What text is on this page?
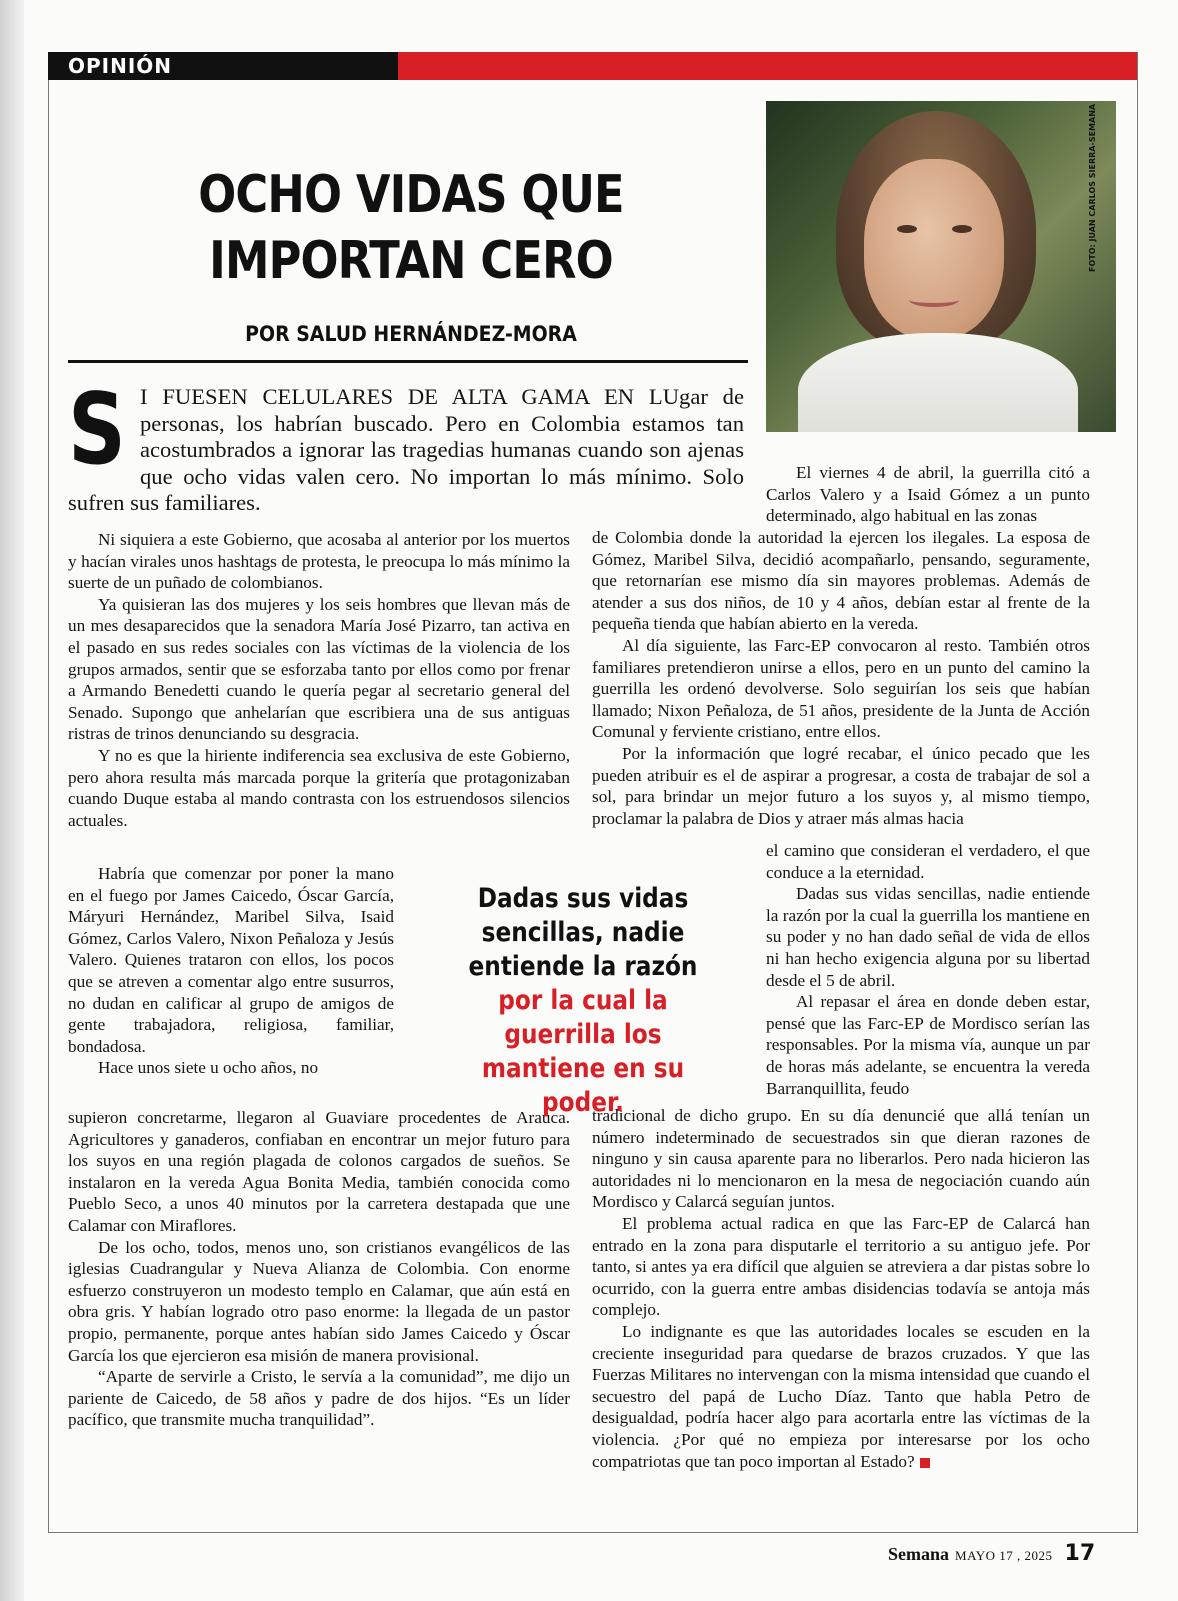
OPINIÓN
OCHO VIDAS QUE IMPORTAN CERO
POR SALUD HERNÁNDEZ-MORA
FOTO: JUAN CARLOS SIERRA-SEMANA
S I FUESEN CELULARES DE ALTA GAMA EN LUgar de personas, los habrían buscado. Pero en Colombia estamos tan acostumbrados a ignorar las tragedias humanas cuando son ajenas que ocho vidas valen cero. No importan lo más mínimo. Solo sufren sus familiares.

Ni siquiera a este Gobierno, que acosaba al anterior por los muertos y hacían virales unos hashtags de protesta, le preocupa lo más mínimo la suerte de un puñado de colombianos.

Ya quisieran las dos mujeres y los seis hombres que llevan más de un mes desaparecidos que la senadora María José Pizarro, tan activa en el pasado en sus redes sociales con las víctimas de la violencia de los grupos armados, sentir que se esforzaba tanto por ellos como por frenar a Armando Benedetti cuando le quería pegar al secretario general del Senado. Supongo que anhelarían que escribiera una de sus antiguas ristras de trinos denunciando su desgracia.

Y no es que la hiriente indiferencia sea exclusiva de este Gobierno, pero ahora resulta más marcada porque la gritería que protagonizaban cuando Duque estaba al mando contrasta con los estruendosos silencios actuales.

Habría que comenzar por poner la mano en el fuego por James Caicedo, Óscar García, Máryuri Hernández, Maribel Silva, Isaid Gómez, Carlos Valero, Nixon Peñaloza y Jesús Valero. Quienes trataron con ellos, los pocos que se atreven a comentar algo entre susurros, no dudan en calificar al grupo de amigos de gente trabajadora, religiosa, familiar, bondadosa.

Hace unos siete u ocho años, no

supieron concretarme, llegaron al Guaviare procedentes de Arauca. Agricultores y ganaderos, confiaban en encontrar un mejor futuro para los suyos en una región plagada de colonos cargados de sueños. Se instalaron en la vereda Agua Bonita Media, también conocida como Pueblo Seco, a unos 40 minutos por la carretera destapada que une Calamar con Miraflores.

De los ocho, todos, menos uno, son cristianos evangélicos de las iglesias Cuadrangular y Nueva Alianza de Colombia. Con enorme esfuerzo construyeron un modesto templo en Calamar, que aún está en obra gris. Y habían logrado otro paso enorme: la llegada de un pastor propio, permanente, porque antes habían sido James Caicedo y Óscar García los que ejercieron esa misión de manera provisional.

“Aparte de servirle a Cristo, le servía a la comunidad”, me dijo un pariente de Caicedo, de 58 años y padre de dos hijos. “Es un líder pacífico, que transmite mucha tranquilidad”.

El viernes 4 de abril, la guerrilla citó a Carlos Valero y a Isaid Gómez a un punto determinado, algo habitual en las zonas

de Colombia donde la autoridad la ejercen los ilegales. La esposa de Gómez, Maribel Silva, decidió acompañarlo, pensando, seguramente, que retornarían ese mismo día sin mayores problemas. Además de atender a sus dos niños, de 10 y 4 años, debían estar al frente de la pequeña tienda que habían abierto en la vereda.

Al día siguiente, las Farc-EP convocaron al resto. También otros familiares pretendieron unirse a ellos, pero en un punto del camino la guerrilla les ordenó devolverse. Solo seguirían los seis que habían llamado; Nixon Peñaloza, de 51 años, presidente de la Junta de Acción Comunal y ferviente cristiano, entre ellos.

Por la información que logré recabar, el único pecado que les pueden atribuir es el de aspirar a progresar, a costa de trabajar de sol a sol, para brindar un mejor futuro a los suyos y, al mismo tiempo, proclamar la palabra de Dios y atraer más almas hacia

el camino que consideran el verdadero, el que conduce a la eternidad.

Dadas sus vidas sencillas, nadie entiende la razón por la cual la guerrilla los mantiene en su poder y no han dado señal de vida de ellos ni han hecho exigencia alguna por su libertad desde el 5 de abril.

Al repasar el área en donde deben estar, pensé que las Farc-EP de Mordisco serían las responsables. Por la misma vía, aunque un par de horas más adelante, se encuentra la vereda Barranquillita, feudo

tradicional de dicho grupo. En su día denuncié que allá tenían un número indeterminado de secuestrados sin que dieran razones de ninguno y sin causa aparente para no liberarlos. Pero nada hicieron las autoridades ni lo mencionaron en la mesa de negociación cuando aún Mordisco y Calarcá seguían juntos.

El problema actual radica en que las Farc-EP de Calarcá han entrado en la zona para disputarle el territorio a su antiguo jefe. Por tanto, si antes ya era difícil que alguien se atreviera a dar pistas sobre lo ocurrido, con la guerra entre ambas disidencias todavía se antoja más complejo.

Lo indignante es que las autoridades locales se escuden en la creciente inseguridad para quedarse de brazos cruzados. Y que las Fuerzas Militares no intervengan con la misma intensidad que cuando el secuestro del papá de Lucho Díaz. Tanto que habla Petro de desigualdad, podría hacer algo para acortarla entre las víctimas de la violencia. ¿Por qué no empieza por interesarse por los ocho compatriotas que tan poco importan al Estado?

Dadas sus vidas sencillas, nadie entiende la razón por la cual la guerrilla los mantiene en su poder.
Semana MAYO 17 , 2025 17
